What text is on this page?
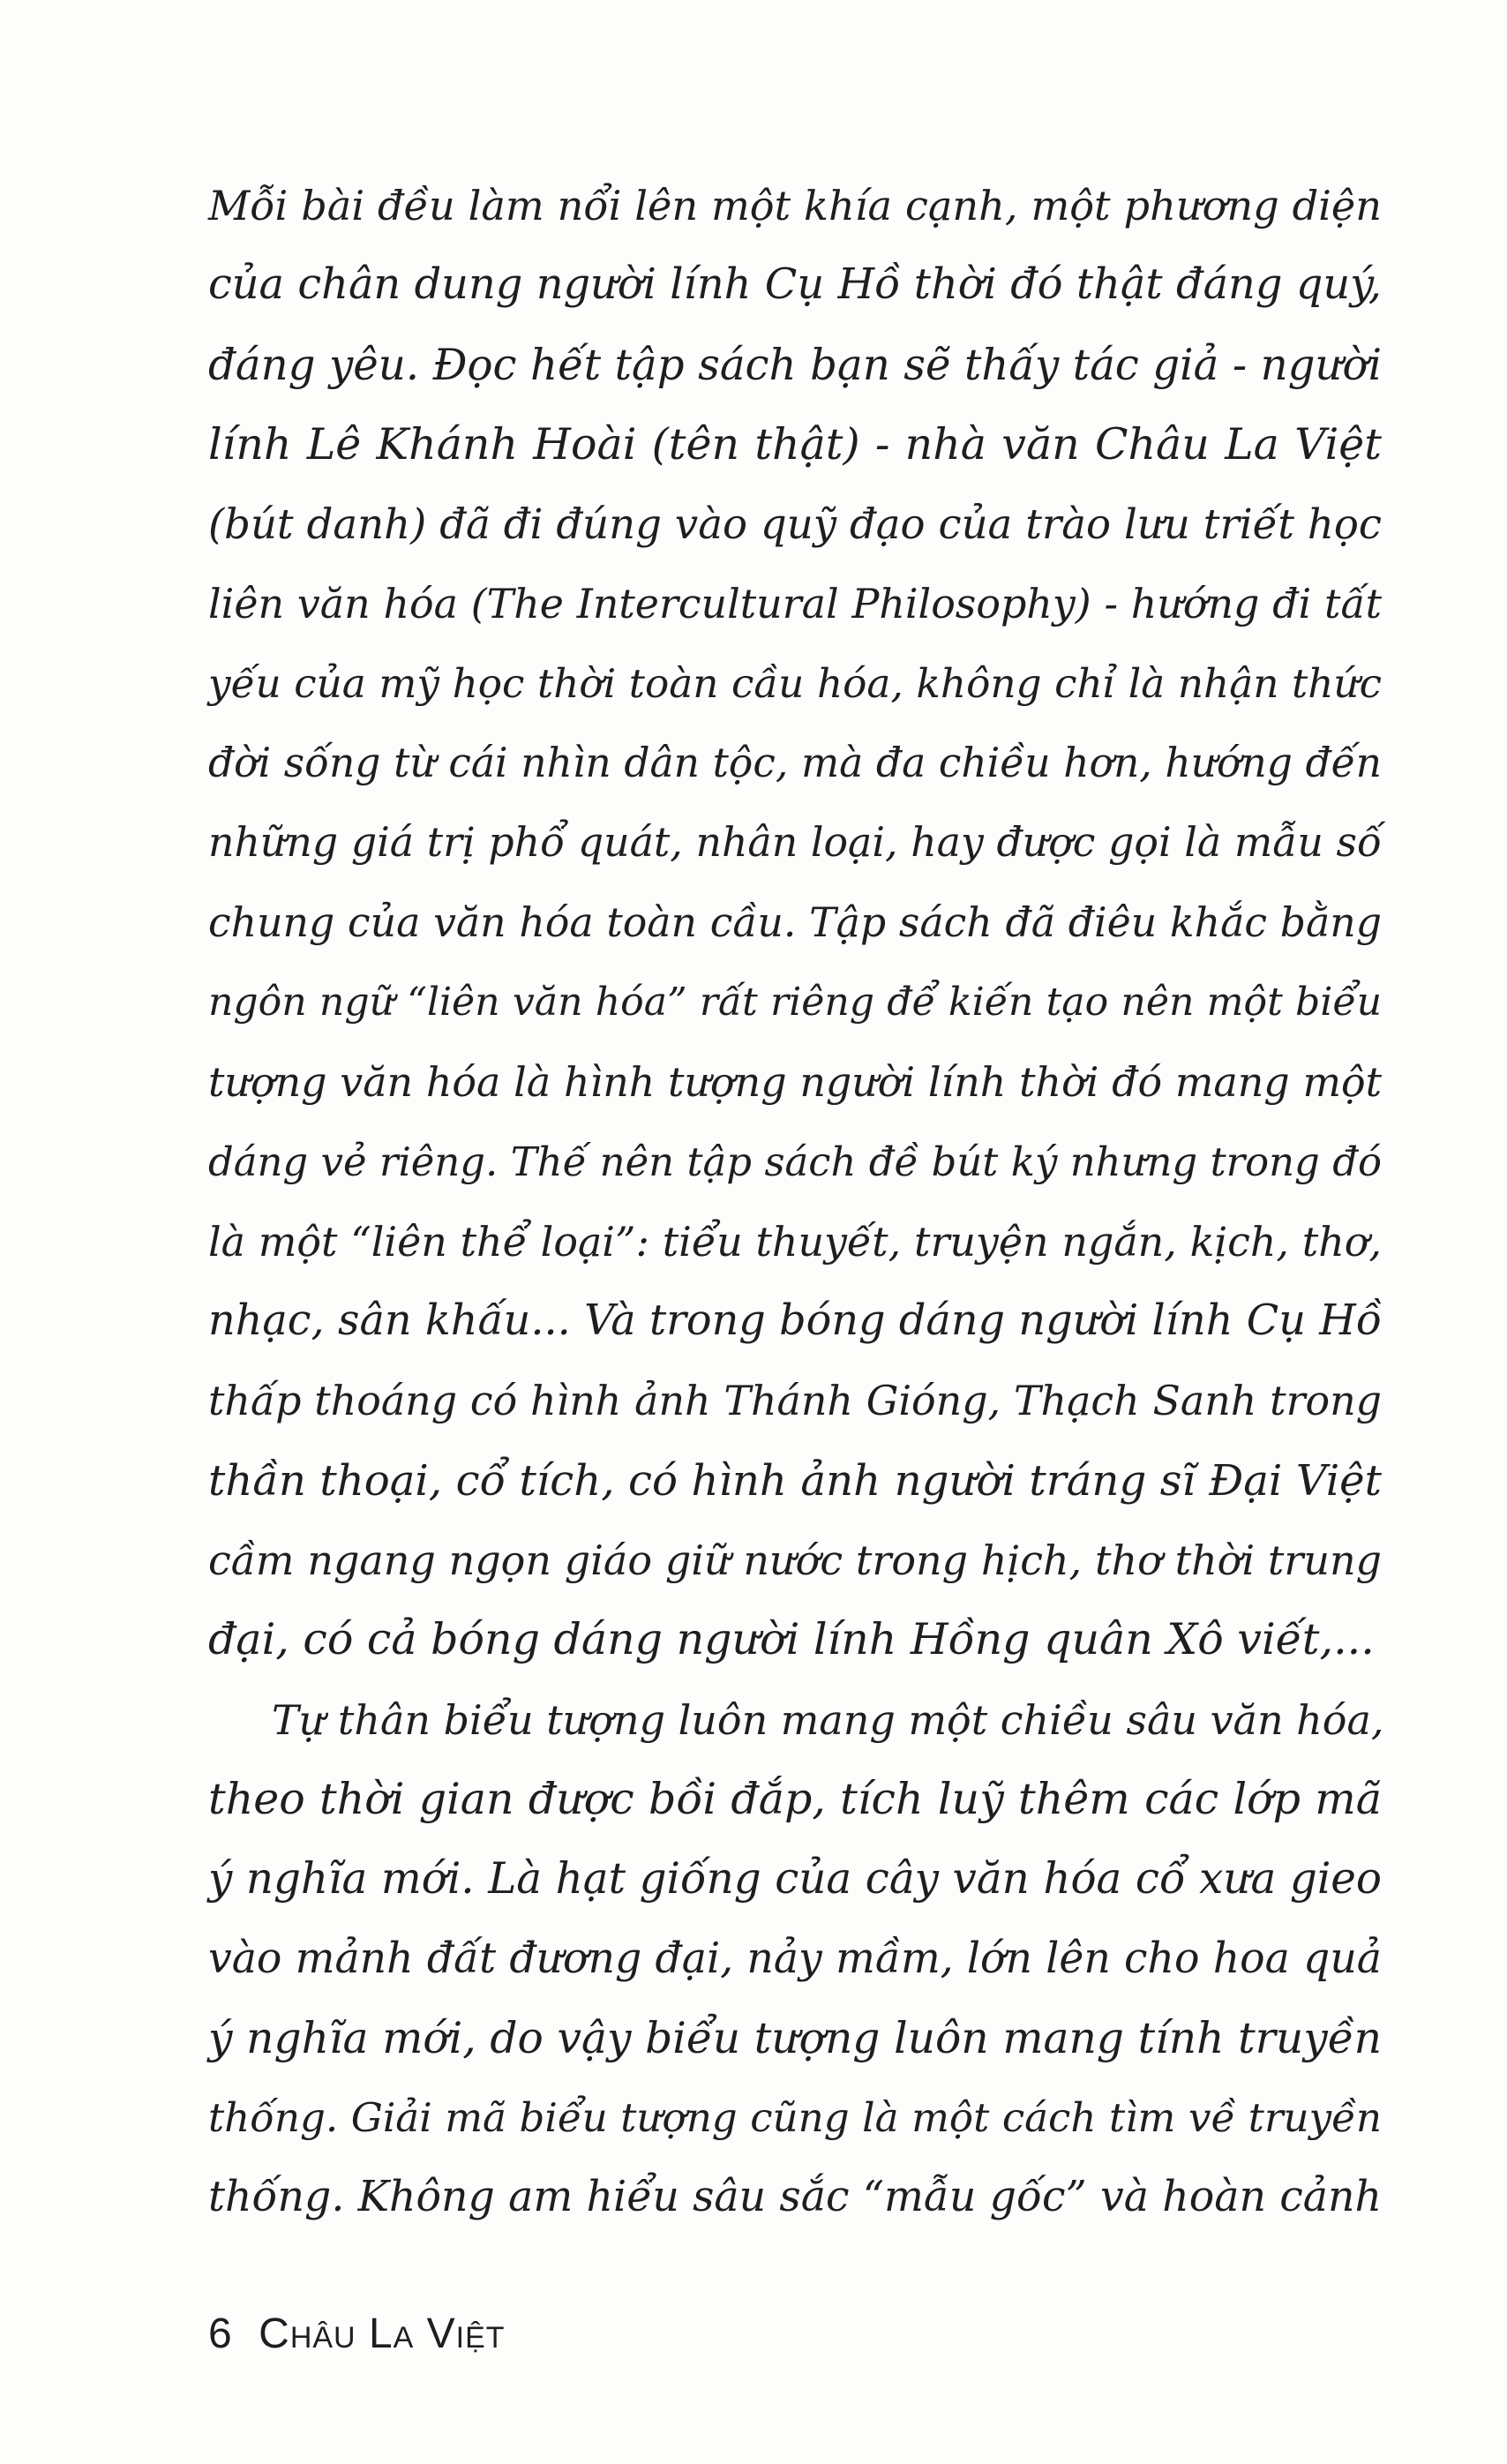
Mỗi bài đều làm nổi lên một khía cạnh, một phương diện
của chân dung người lính Cụ Hồ thời đó thật đáng quý,
đáng yêu. Đọc hết tập sách bạn sẽ thấy tác giả - người
lính Lê Khánh Hoài (tên thật) - nhà văn Châu La Việt
(bút danh) đã đi đúng vào quỹ đạo của trào lưu triết học
liên văn hóa (The Intercultural Philosophy) - hướng đi tất
yếu của mỹ học thời toàn cầu hóa, không chỉ là nhận thức
đời sống từ cái nhìn dân tộc, mà đa chiều hơn, hướng đến
những giá trị phổ quát, nhân loại, hay được gọi là mẫu số
chung của văn hóa toàn cầu. Tập sách đã điêu khắc bằng
ngôn ngữ “liên văn hóa” rất riêng để kiến tạo nên một biểu
tượng văn hóa là hình tượng người lính thời đó mang một
dáng vẻ riêng. Thế nên tập sách đề bút ký nhưng trong đó
là một “liên thể loại”: tiểu thuyết, truyện ngắn, kịch, thơ,
nhạc, sân khấu... Và trong bóng dáng người lính Cụ Hồ
thấp thoáng có hình ảnh Thánh Gióng, Thạch Sanh trong
thần thoại, cổ tích, có hình ảnh người tráng sĩ Đại Việt
cầm ngang ngọn giáo giữ nước trong hịch, thơ thời trung
đại, có cả bóng dáng người lính Hồng quân Xô viết,...
Tự thân biểu tượng luôn mang một chiều sâu văn hóa,
theo thời gian được bồi đắp, tích luỹ thêm các lớp mã
ý nghĩa mới. Là hạt giống của cây văn hóa cổ xưa gieo
vào mảnh đất đương đại, nảy mầm, lớn lên cho hoa quả
ý nghĩa mới, do vậy biểu tượng luôn mang tính truyền
thống. Giải mã biểu tượng cũng là một cách tìm về truyền
thống. Không am hiểu sâu sắc “mẫu gốc” và hoàn cảnh
6 Châu La Việt
